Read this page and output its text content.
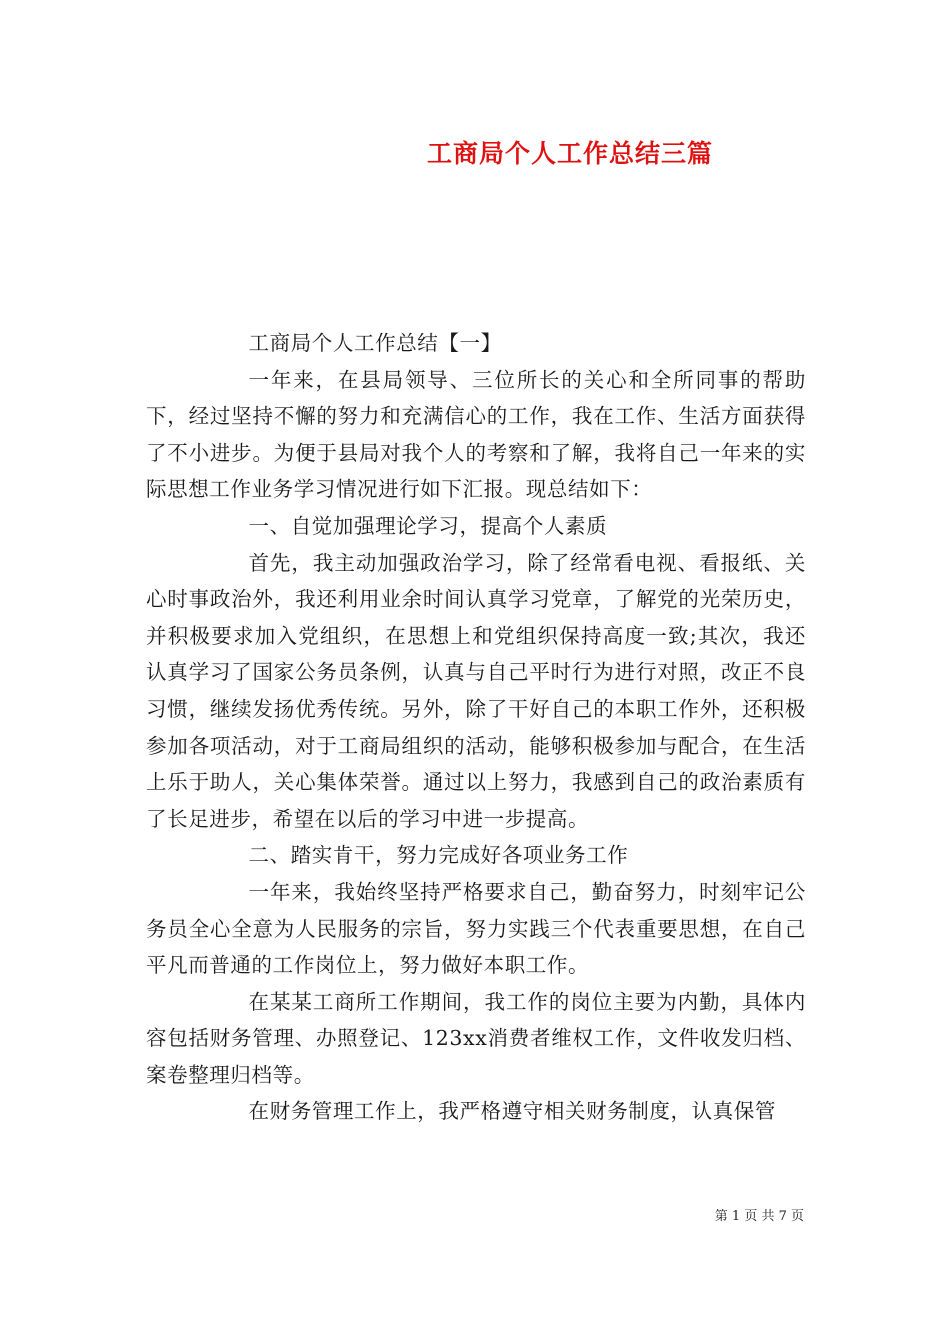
工商局个人工作总结三篇

工商局个人工作总结【一】

一年来，在县局领导、三位所长的关心和全所同事的帮助下，经过坚持不懈的努力和充满信心的工作，我在工作、生活方面获得了不小进步。为便于县局对我个人的考察和了解，我将自己一年来的实际思想工作业务学习情况进行如下汇报。现总结如下：

一、自觉加强理论学习，提高个人素质

首先，我主动加强政治学习，除了经常看电视、看报纸、关心时事政治外，我还利用业余时间认真学习党章，了解党的光荣历史，并积极要求加入党组织，在思想上和党组织保持高度一致;其次，我还认真学习了国家公务员条例，认真与自己平时行为进行对照，改正不良习惯，继续发扬优秀传统。另外，除了干好自己的本职工作外，还积极参加各项活动，对于工商局组织的活动，能够积极参加与配合，在生活上乐于助人，关心集体荣誉。通过以上努力，我感到自己的政治素质有了长足进步，希望在以后的学习中进一步提高。

二、踏实肯干，努力完成好各项业务工作

一年来，我始终坚持严格要求自己，勤奋努力，时刻牢记公务员全心全意为人民服务的宗旨，努力实践三个代表重要思想，在自己平凡而普通的工作岗位上，努力做好本职工作。

在某某工商所工作期间，我工作的岗位主要为内勤，具体内容包括财务管理、办照登记、123xx消费者维权工作，文件收发归档、案卷整理归档等。

在财务管理工作上，我严格遵守相关财务制度，认真保管

第 1 页 共 7 页
